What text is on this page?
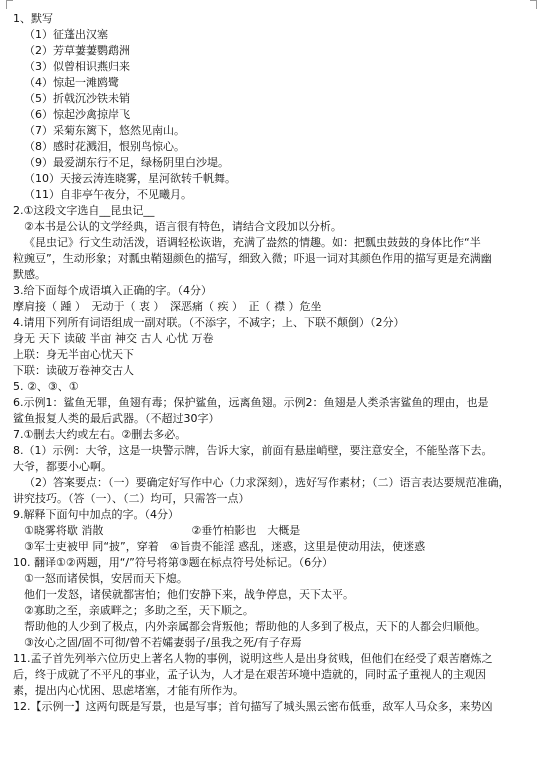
1、默写
（1）征蓬出汉塞
（2）芳草萋萋鹦鹉洲
（3）似曾相识燕归来
（4）惊起一滩鸥鹭
（5）折戟沉沙铁未销
（6）惊起沙禽掠岸飞
（7）采菊东篱下，悠然见南山。
（8）感时花溅泪，恨别鸟惊心。
（9）最爱湖东行不足，绿杨阴里白沙堤。
（10）天接云涛连晓雾，星河欲转千帆舞。
（11）自非亭午夜分，不见曦月。
2.①这段文字选自__昆虫记__
②本书是公认的文学经典，语言很有特色，请结合文段加以分析。
《昆虫记》行文生动活泼，语调轻松诙谐，充满了盎然的情趣。如：把瓢虫鼓鼓的身体比作“半
粒豌豆”，生动形象；对瓢虫鞘翅颜色的描写，细致入微；吓退一词对其颜色作用的描写更是充满幽
默感。
3.给下面每个成语填入正确的字。（4分）
摩肩接（ 踵 ）　无动于（ 衷 ）　深恶痛（ 疾 ）　正（ 襟 ）危坐
4.请用下列所有词语组成一副对联。（不添字，不减字；上、下联不颠倒）（2分）
身无 天下 读破 半亩 神交 古人 心忧 万卷
上联：身无半亩心忧天下
下联：读破万卷神交古人
5. ②、③、①
6.示例1：鲨鱼无罪，鱼翅有毒；保护鲨鱼，远离鱼翅。示例2：鱼翅是人类杀害鲨鱼的理由，也是
鲨鱼报复人类的最后武器。（不超过30字）
7.①删去大约或左右。②删去多必。
8.（1）示例：大爷，这是一块警示牌，告诉大家，前面有悬崖峭壁，要注意安全，不能坠落下去。
大爷，都要小心啊。
（2）答案要点：（一）要确定好写作中心（力求深刻），选好写作素材；（二）语言表达要规范准确，
讲究技巧。（答（一）、（二）均可，只需答一点）
9.解释下面句中加点的字。（4分）
①晓雾将歇 消散　　　　　　　　②垂竹柏影也　大概是
③军士吏被甲 同“披”，穿着　④旨贵不能淫 惑乱，迷惑，这里是使动用法，使迷惑
10. 翻译①②两题，用“/”符号将第③题在标点符号处标记。（6分）
①一怒而诸侯惧，安居而天下熄。
他们一发怒，诸侯就都害怕；他们安静下来，战争停息，天下太平。
②寡助之至，亲戚畔之；多助之至，天下顺之。
帮助他的人少到了极点，内外亲属都会背叛他；帮助他的人多到了极点，天下的人都会归顺他。
③汝心之固/固不可彻/曾不若孀妻弱子/虽我之死/有子存焉
11.孟子首先列举六位历史上著名人物的事例，说明这些人是出身贫贱，但他们在经受了艰苦磨炼之
后，终于成就了不平凡的事业，孟子认为，人才是在艰苦环境中造就的，同时孟子重视人的主观因
素，提出内心忧困、思虑堵塞，才能有所作为。
12.【示例一】这两句既是写景，也是写事；首句描写了城头黑云密布低垂，敌军人马众多，来势凶
